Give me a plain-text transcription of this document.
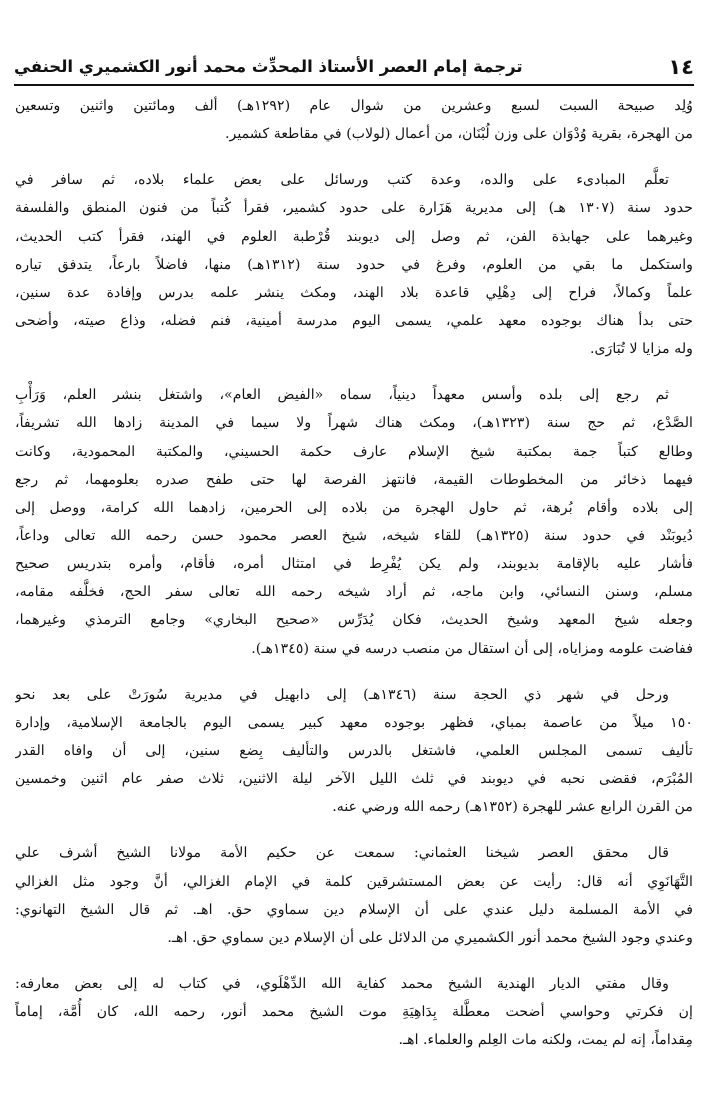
١٤
ترجمة إمام العصر الأستاذ المحدِّث محمد أنور الكشميري الحنفي

وُلِد صبيحة السبت لسبع وعشرين من شوال عام (١٢٩٢هـ) ألف ومائتين واثنين وتسعين

من الهجرة، بقرية وُدْوَان على وزن لُبْنَان، من أعمال (لولاب) في مقاطعة كشمير.

تعلَّم المبادىء على والده، وعدة كتب ورسائل على بعض علماء بلاده، ثم سافر في

حدود سنة (١٣٠٧ هـ) إلى مديرية هَزَارة على حدود كشمير، فقرأ كُتباً من فنون المنطق والفلسفة

وغيرهما على جهابذة الفن، ثم وصل إلى ديوبند قُرْطبة العلوم في الهند، فقرأ كتب الحديث،

واستكمل ما بقي من العلوم، وفرغ في حدود سنة (١٣١٢هـ) منها، فاضلاً بارعاً، يتدفق تياره

علماً وكمالاً، فراح إلى دِهْلِي قاعدة بلاد الهند، ومكث ينشر علمه بدرس وإفادة عدة سنين،

حتى بدأ هناك بوجوده معهد علمي، يسمى اليوم مدرسة أمينية، فنم فضله، وذاع صيته، وأضحى

وله مزايا لا تُبَارَى.

ثم رجع إلى بلده وأسس معهداً دينياً، سماه «الفيض العام»، واشتغل بنشر العلم، وَرَأْبِ

الصَّدْع، ثم حج سنة (١٣٢٣هـ)، ومكث هناك شهراً ولا سيما في المدينة زادها الله تشريفاً،

وطالع كتباً جمة بمكتبة شيخ الإسلام عارف حكمة الحسيني، والمكتبة المحمودية، وكانت

فيهما ذخائر من المخطوطات القيمة، فانتهز الفرصة لها حتى طفح صدره بعلومهما، ثم رجع

إلى بلاده وأقام بُرهة، ثم حاول الهجرة من بلاده إلى الحرمين، زادهما الله كرامة، ووصل إلى

دُيوبَنْد في حدود سنة (١٣٢٥هـ) للقاء شيخه، شيخ العصر محمود حسن رحمه الله تعالى وداعاً،

فأشار عليه بالإقامة بديوبند، ولم يكن يُفْرِط في امتثال أمره، فأقام، وأمره بتدريس صحيح

مسلم، وسنن النسائي، وابن ماجه، ثم أراد شيخه رحمه الله تعالى سفر الحج، فخلَّفه مقامه،

وجعله شيخ المعهد وشيخ الحديث، فكان يُدَرِّس «صحيح البخاري» وجامع الترمذي وغيرهما،

ففاضت علومه ومزاياه، إلى أن استقال من منصب درسه في سنة (١٣٤٥هـ).

ورحل في شهر ذي الحجة سنة (١٣٤٦هـ) إلى دابهيل في مديرية سُورَتْ على بعد نحو

١٥٠ ميلاً من عاصمة بمباي، فظهر بوجوده معهد كبير يسمى اليوم بالجامعة الإسلامية، وإدارة

تأليف تسمى المجلس العلمي، فاشتغل بالدرس والتأليف بِضع سنين، إلى أن وافاه القدر

المُبْرَم، فقضى نحبه في ديوبند في ثلث الليل الآخر ليلة الاثنين، ثلاث صفر عام اثنين وخمسين

من القرن الرابع عشر للهجرة (١٣٥٢هـ) رحمه الله ورضي عنه.

قال محقق العصر شيخنا العثماني: سمعت عن حكيم الأمة مولانا الشيخ أشرف علي

التَّهَانَوِي أنه قال: رأيت عن بعض المستشرقين كلمة في الإمام الغزالي، أنَّ وجود مثل الغزالي

في الأمة المسلمة دليل عندي على أن الإسلام دين سماوي حق. اهـ. ثم قال الشيخ التهانوي:

وعندي وجود الشيخ محمد أنور الكشميري من الدلائل على أن الإسلام دين سماوي حق. اهـ.

وقال مفتي الديار الهندية الشيخ محمد كفاية الله الدِّهْلَوي، في كتاب له إلى بعض معارفه:

إن فكرتي وحواسي أضحت معطَّلة بِدَاهِيَةِ موت الشيخ محمد أنور، رحمه الله، كان أُمَّة، إماماً

مِقداماً، إنه لم يمت، ولكنه مات العِلم والعلماء. اهـ.
